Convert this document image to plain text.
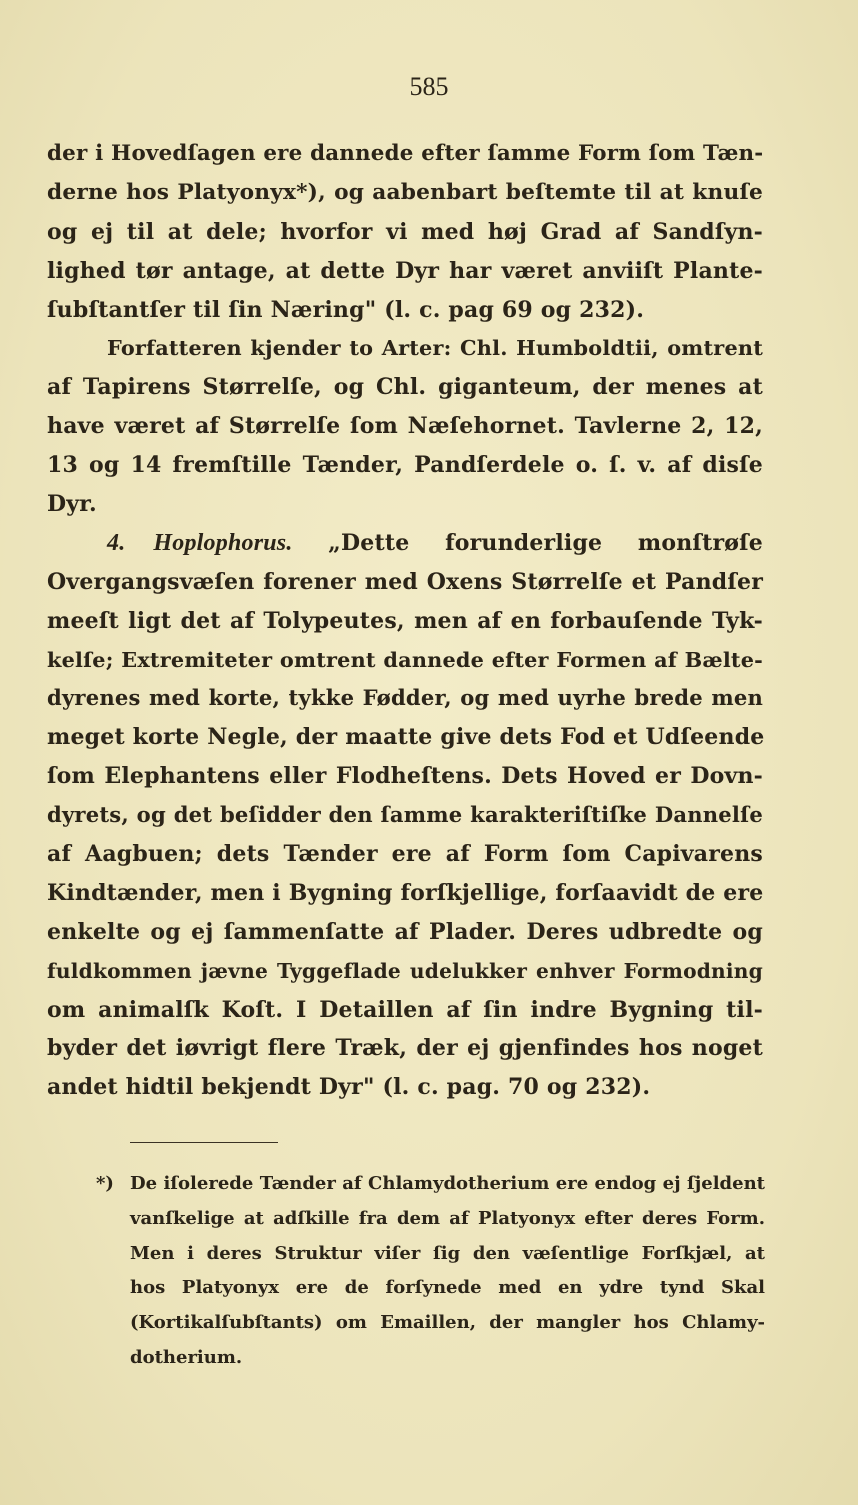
585
der i Hovedſagen ere dannede efter ſamme Form ſom Tæn-
derne hos Platyonyx*), og aabenbart beſtemte til at knuſe
og ej til at dele; hvorfor vi med høj Grad af Sandſyn-
lighed tør antage, at dette Dyr har været anviiſt Plante-
ſubſtantſer til ſin Næring" (l. c. pag 69 og 232).
Forfatteren kjender to Arter: Chl. Humboldtii, omtrent
af Tapirens Størrelſe, og Chl. giganteum, der menes at
have været af Størrelſe ſom Næſehornet. Tavlerne 2, 12,
13 og 14 fremſtille Tænder, Pandſerdele o. ſ. v. af disſe
Dyr.
4. Hoplophorus. „Dette forunderlige monſtrøſe
Overgangsvæſen forener med Oxens Størrelſe et Pandſer
meeſt ligt det af Tolypeutes, men af en forbauſende Tyk-
kelſe; Extremiteter omtrent dannede efter Formen af Bælte-
dyrenes med korte, tykke Fødder, og med uyrhe brede men
meget korte Negle, der maatte give dets Fod et Udſeende
ſom Elephantens eller Flodheſtens. Dets Hoved er Dovn-
dyrets, og det beſidder den ſamme karakteriſtiſke Dannelſe
af Aagbuen; dets Tænder ere af Form ſom Capivarens
Kindtænder, men i Bygning forſkjellige, forſaavidt de ere
enkelte og ej ſammenſatte af Plader. Deres udbredte og
fuldkommen jævne Tyggeflade udelukker enhver Formodning
om animalſk Koſt. I Detaillen af ſin indre Bygning til-
byder det iøvrigt flere Træk, der ej gjenfindes hos noget
andet hidtil bekjendt Dyr" (l. c. pag. 70 og 232).
*) De iſolerede Tænder af Chlamydotherium ere endog ej ſjeldent
vanſkelige at adſkille fra dem af Platyonyx efter deres Form.
Men i deres Struktur viſer ſig den væſentlige Forſkjæl, at
hos Platyonyx ere de forſynede med en ydre tynd Skal
(Kortikalſubſtants) om Emaillen, der mangler hos Chlamy-
dotherium.
